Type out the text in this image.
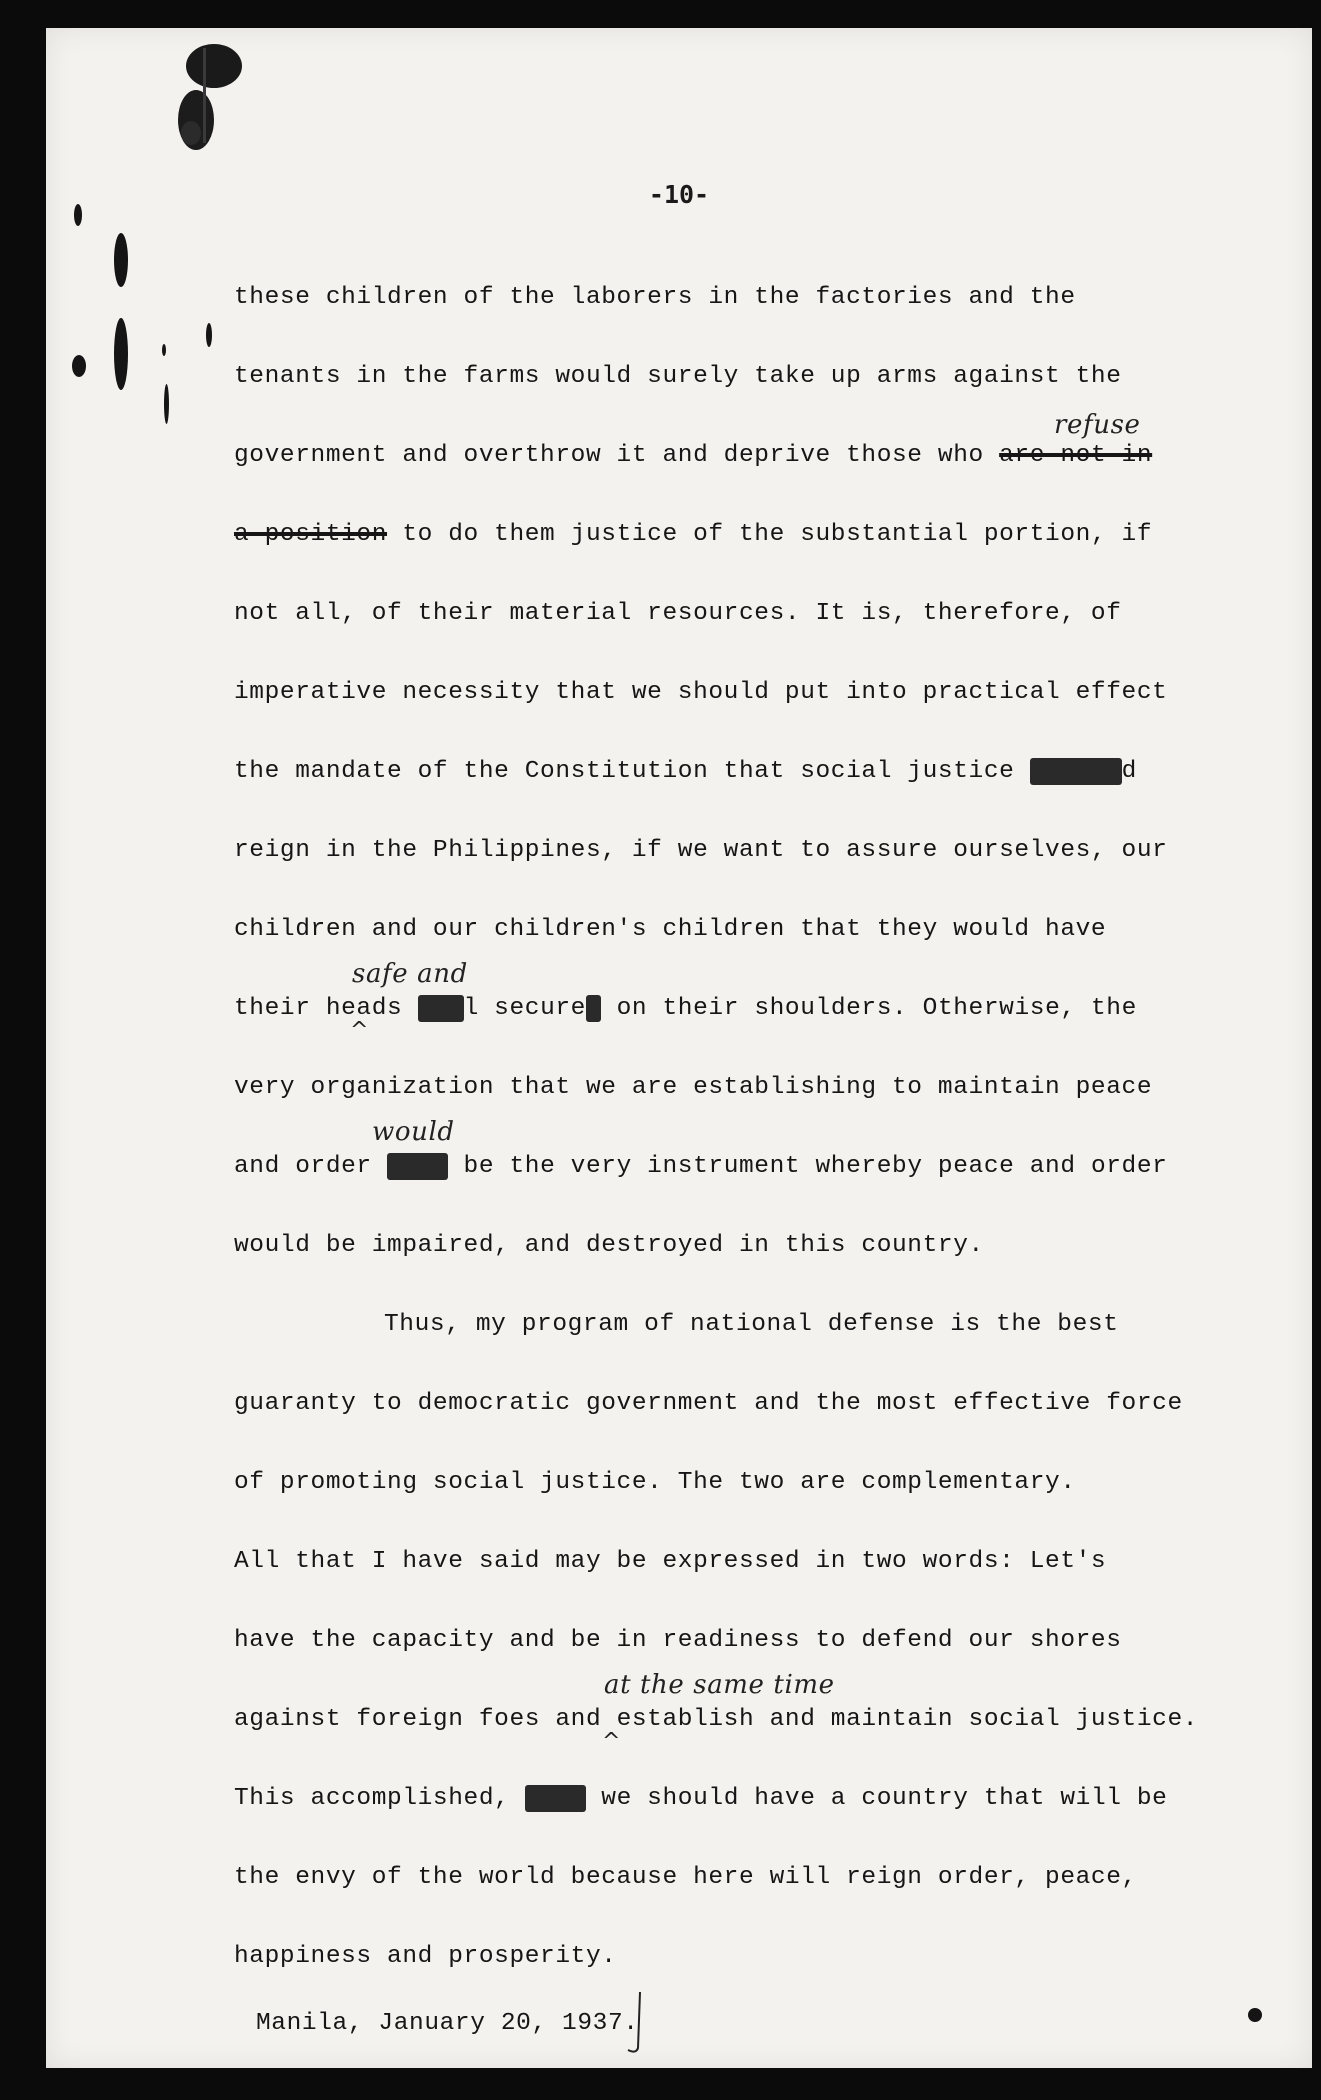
-10-
these children of the laborers in the factories and the
tenants in the farms would surely take up arms against the
government and overthrow it and deprive those who are not in
refuse
a position to do them justice of the substantial portion, if
not all, of their material resources. It is, therefore, of
imperative necessity that we should put into practical effect
the mandate of the Constitution that social justice shouldd
reign in the Philippines, if we want to assure ourselves, our
children and our children's children that they would have
their heads will secured on their shoulders. Otherwise, the
safe and
^
very organization that we are establishing to maintain peace
and order will be the very instrument whereby peace and order
would
would be impaired, and destroyed in this country.
Thus, my program of national defense is the best
guaranty to democratic government and the most effective force
of promoting social justice. The two are complementary.
All that I have said may be expressed in two words: Let's
have the capacity and be in readiness to defend our shores
against foreign foes and establish and maintain social justice.
at the same time
^
This accomplished, then we should have a country that will be
the envy of the world because here will reign order, peace,
happiness and prosperity.
Manila, January 20, 1937.
